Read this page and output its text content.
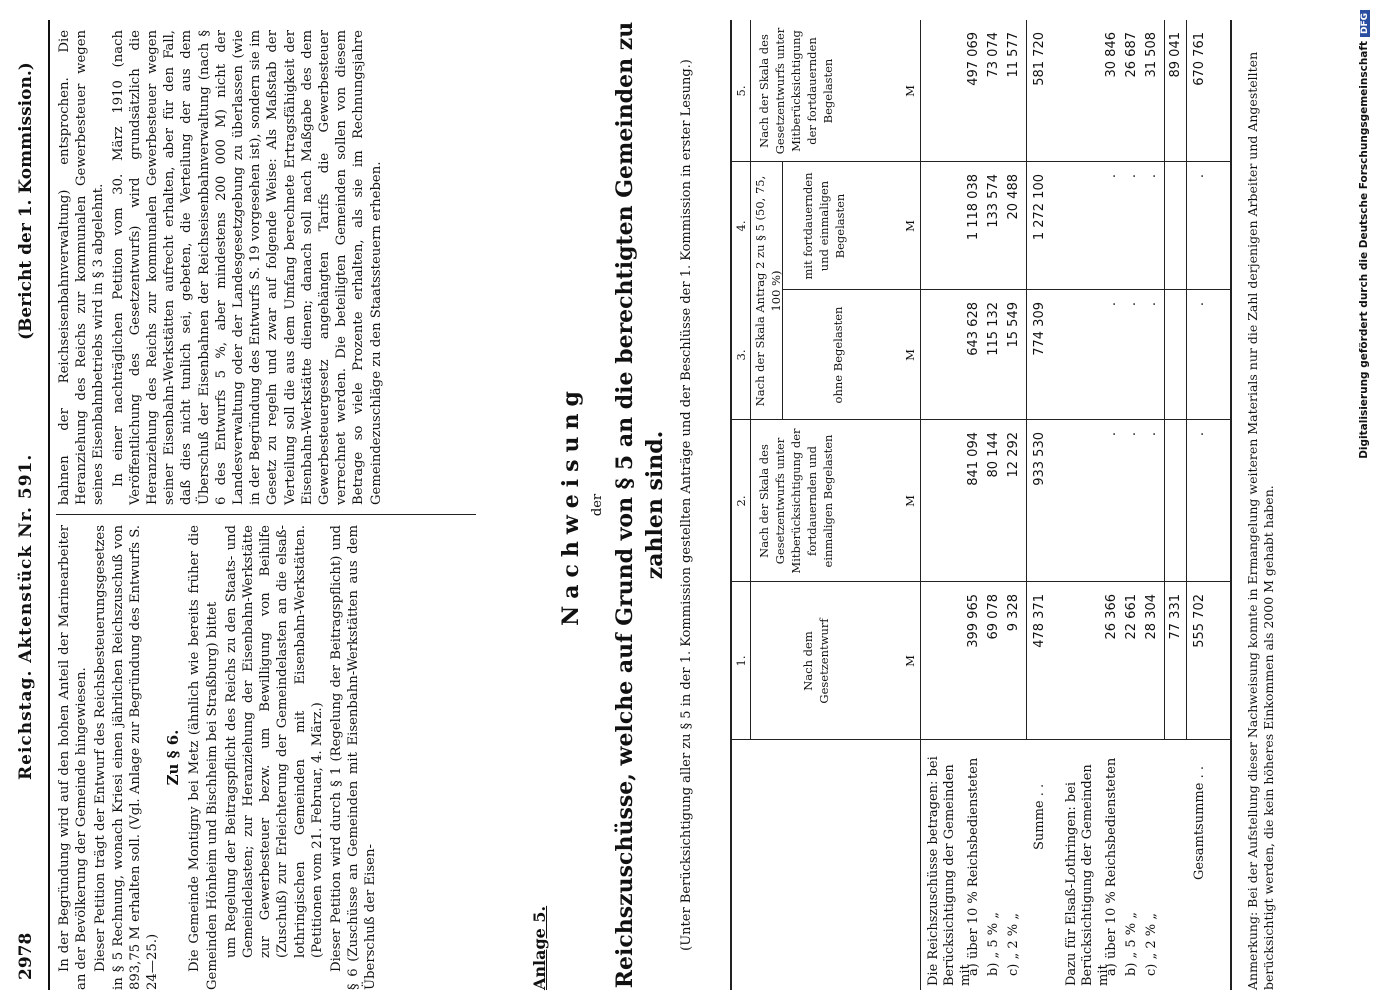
2978
Reichstag. Aktenstück Nr. 591.
(Bericht der 1. Kommission.)

In der Begründung wird auf den hohen Anteil der Marinearbeiter an der Bevölkerung der Gemeinde hingewiesen. Dieser Petition trägt der Entwurf des Reichsbesteuerungsgesetzes in § 5 Rechnung, wonach Kriesi einen jährlichen Reichszuschuß von 893,75 M erhalten soll. (Vgl. Anlage zur Begründung des Entwurfs S. 24—25.)

Zu § 6. Die Gemeinde Montigny bei Metz (ähnlich wie bereits früher die Gemeinden Hönheim und Bischheim bei Straßburg) bittet um Regelung der Beitragspflicht des Reichs zu den Staats- und Gemeindelasten; zur Heranziehung der Eisenbahn-Werkstätte zur Gewerbesteuer bezw. um Bewilligung von Beihilfe (Zuschuß) zur Erleichterung der Gemeindelasten an die elsaß-lothringischen Gemeinden mit Eisenbahn-Werkstätten. (Petitionen vom 21. Februar, 4. März.) Dieser Petition wird durch § 1 (Regelung der Beitragspflicht) und § 6 (Zuschüsse an Gemeinden mit Eisenbahn-Werkstätten aus dem Überschuß der Eisen-

bahnen der Reichseisenbahnverwaltung) entsprochen. Die Heranziehung des Reichs zur kommunalen Gewerbesteuer wegen seines Eisenbahnbetriebs wird in § 3 abgelehnt. In einer nachträglichen Petition vom 30. März 1910 (nach Veröffentlichung des Gesetzentwurfs) wird grundsätzlich die Heranziehung des Reichs zur kommunalen Gewerbesteuer wegen seiner Eisenbahn-Werkstätten aufrecht erhalten, aber für den Fall, daß dies nicht tunlich sei, gebeten, die Verteilung der aus dem Überschuß der Eisenbahnen der Reichseisenbahnverwaltung (nach § 6 des Entwurfs 5 %, aber mindestens 200 000 M) nicht der Landesverwaltung oder der Landesgesetzgebung zu überlassen (wie in der Begründung des Entwurfs S. 19 vorgesehen ist), sondern sie im Gesetz zu regeln und zwar auf folgende Weise: Als Maßstab der Verteilung soll die aus dem Umfang berechnete Ertragsfähigkeit der Eisenbahn-Werkstätte dienen; danach soll nach Maßgabe des dem Gewerbesteuergesetz angehängten Tarifs die Gewerbesteuer verrechnet werden. Die beteiligten Gemeinden sollen von diesem Betrage so viele Prozente erhalten, als sie im Rechnungsjahre Gemeindezuschläge zu den Staatssteuern erheben.

Anlage 5.
Nachweisung der Reichszuschüsse, welche auf Grund von § 5 an die berechtigten Gemeinden zu zahlen sind. (Unter Berücksichtigung aller zu § 5 in der 1. Kommission gestellten Anträge und der Beschlüsse der 1. Kommission in erster Lesung.)	1.
2.
3.
4.
5.
Nach der Skala Antrag 2 zu § 5 (50, 75, 100 %)
Nach dem Gesetzentwurf
Nach der Skala des Gesetzentwurfs unter Mitberücksichtigung der fortdauernden und einmaligen Begelasten
ohne Begelasten
mit fortdauernden und einmaligen Begelasten
Nach der Skala des Gesetzentwurfs unter Mitberücksichtigung der fortdauernden Begelasten
M
M
M
M
M
Die Reichszuschüsse betragen: bei Berücksichtigung der Gemeinden mit
Summe . . Dazu für Elsaß-Lothringen: bei Berücksichtigung der Gemeinden mit
Gesamtsumme . .
a) über 10 % Reichsbediensteten
399 965
841 094
643 628
1 118 038
497 069
b) „ 5 % „
69 078
80 144
115 132
133 574
73 074
c) „ 2 % „
9 328
12 292
15 549
20 488
11 577
478 371
933 530
774 309
1 272 100
581 720
a) über 10 % Reichsbediensteten
26 366
.
.
.
30 846
b) „ 5 % „
22 661
.
.
.
26 687
c) „ 2 % „
28 304
.
.
.
31 508
77 331
89 041
555 702
.
.
.
670 761	Anmerkung: Bei der Aufstellung dieser Nachweisung konnte in Ermangelung weiteren Materials nur die Zahl derjenigen Arbeiter und Angestellten berücksichtigt werden, die kein höheres Einkommen als 2000 M gehabt haben.
Digitalisierung gefördert durch die Deutsche ForschungsgemeinschaftDFG
